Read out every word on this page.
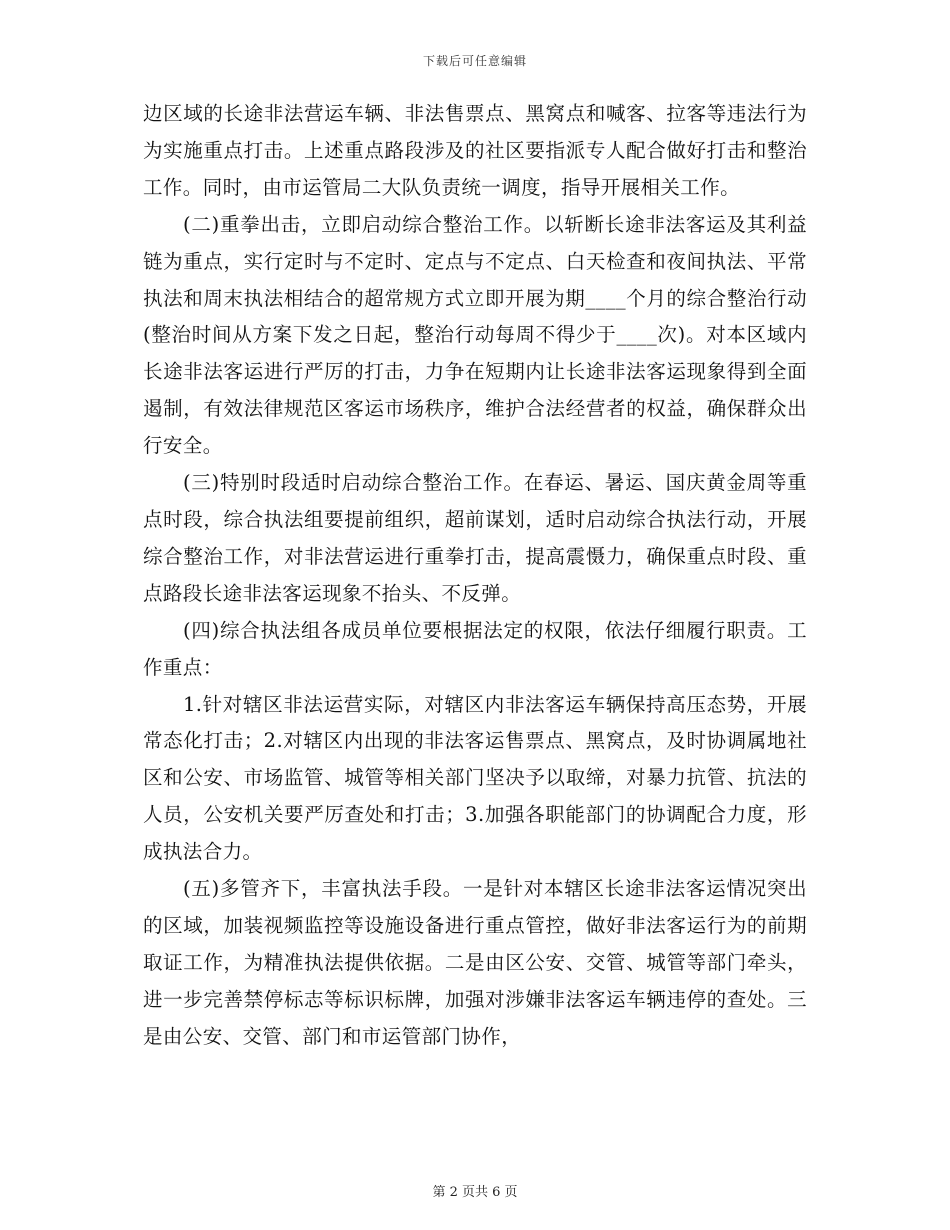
下载后可任意编辑

边区域的长途非法营运车辆、非法售票点、黑窝点和喊客、拉客等违法行为为实施重点打击。上述重点路段涉及的社区要指派专人配合做好打击和整治工作。同时，由市运管局二大队负责统一调度，指导开展相关工作。

(二)重拳出击，立即启动综合整治工作。以斩断长途非法客运及其利益链为重点，实行定时与不定时、定点与不定点、白天检查和夜间执法、平常执法和周末执法相结合的超常规方式立即开展为期____个月的综合整治行动(整治时间从方案下发之日起，整治行动每周不得少于____次)。对本区域内长途非法客运进行严厉的打击，力争在短期内让长途非法客运现象得到全面遏制，有效法律规范区客运市场秩序，维护合法经营者的权益，确保群众出行安全。

(三)特别时段适时启动综合整治工作。在春运、暑运、国庆黄金周等重点时段，综合执法组要提前组织，超前谋划，适时启动综合执法行动，开展综合整治工作，对非法营运进行重拳打击，提高震慑力，确保重点时段、重点路段长途非法客运现象不抬头、不反弹。

(四)综合执法组各成员单位要根据法定的权限，依法仔细履行职责。工作重点：

1.针对辖区非法运营实际，对辖区内非法客运车辆保持高压态势，开展常态化打击；2.对辖区内出现的非法客运售票点、黑窝点，及时协调属地社区和公安、市场监管、城管等相关部门坚决予以取缔，对暴力抗管、抗法的人员，公安机关要严厉查处和打击；3.加强各职能部门的协调配合力度，形成执法合力。

(五)多管齐下，丰富执法手段。一是针对本辖区长途非法客运情况突出的区域，加装视频监控等设施设备进行重点管控，做好非法客运行为的前期取证工作，为精准执法提供依据。二是由区公安、交管、城管等部门牵头，进一步完善禁停标志等标识标牌，加强对涉嫌非法客运车辆违停的查处。三是由公安、交管、部门和市运管部门协作，

第 2 页共 6 页
